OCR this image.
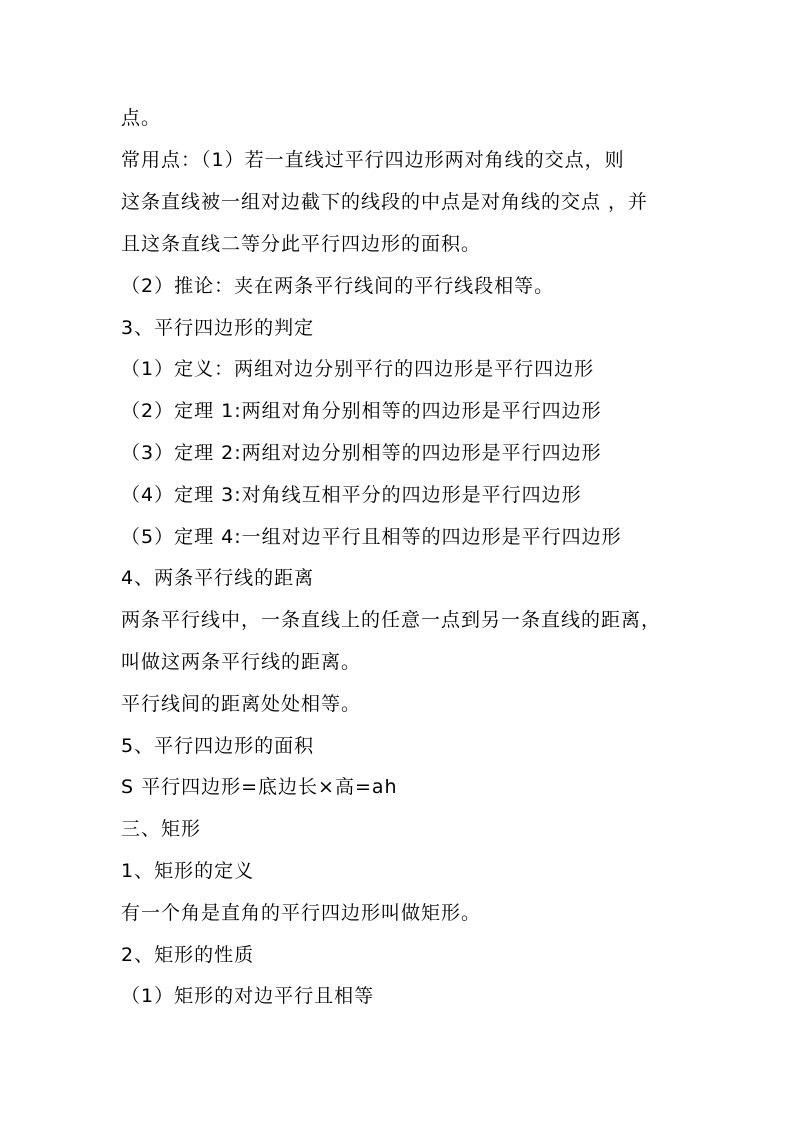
点。
常用点：（1）若一直线过平行四边形两对角线的交点，则
这条直线被一组对边截下的线段的中点是对角线的交点 ，并
且这条直线二等分此平行四边形的面积。
（2）推论：夹在两条平行线间的平行线段相等。
3、平行四边形的判定
（1）定义：两组对边分别平行的四边形是平行四边形
（2）定理 1:两组对角分别相等的四边形是平行四边形
（3）定理 2:两组对边分别相等的四边形是平行四边形
（4）定理 3:对角线互相平分的四边形是平行四边形
（5）定理 4:一组对边平行且相等的四边形是平行四边形
4、两条平行线的距离
两条平行线中，一条直线上的任意一点到另一条直线的距离，
叫做这两条平行线的距离。
平行线间的距离处处相等。
5、平行四边形的面积
S 平行四边形=底边长×高=ah
三、矩形
1、矩形的定义
有一个角是直角的平行四边形叫做矩形。
2、矩形的性质
（1）矩形的对边平行且相等
